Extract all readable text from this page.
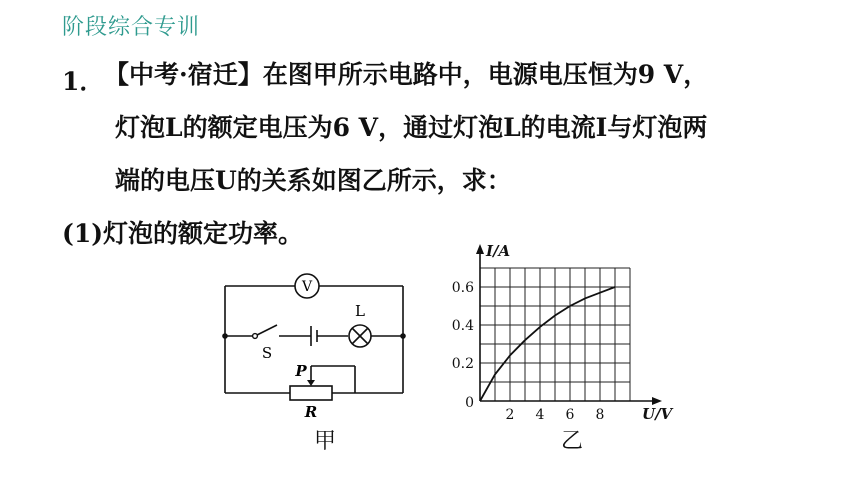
阶段综合专训
1． 【中考·宿迁】在图甲所示电路中，电源电压恒为9 V，
灯泡L的额定电压为6 V，通过灯泡L的电流I与灯泡两
端的电压U的关系如图乙所示，求：
(1)灯泡的额定功率。
V
L
S
P
R
甲
2 4 6 8
0.2
0.4
0.6
0
I/A
U/V
乙
